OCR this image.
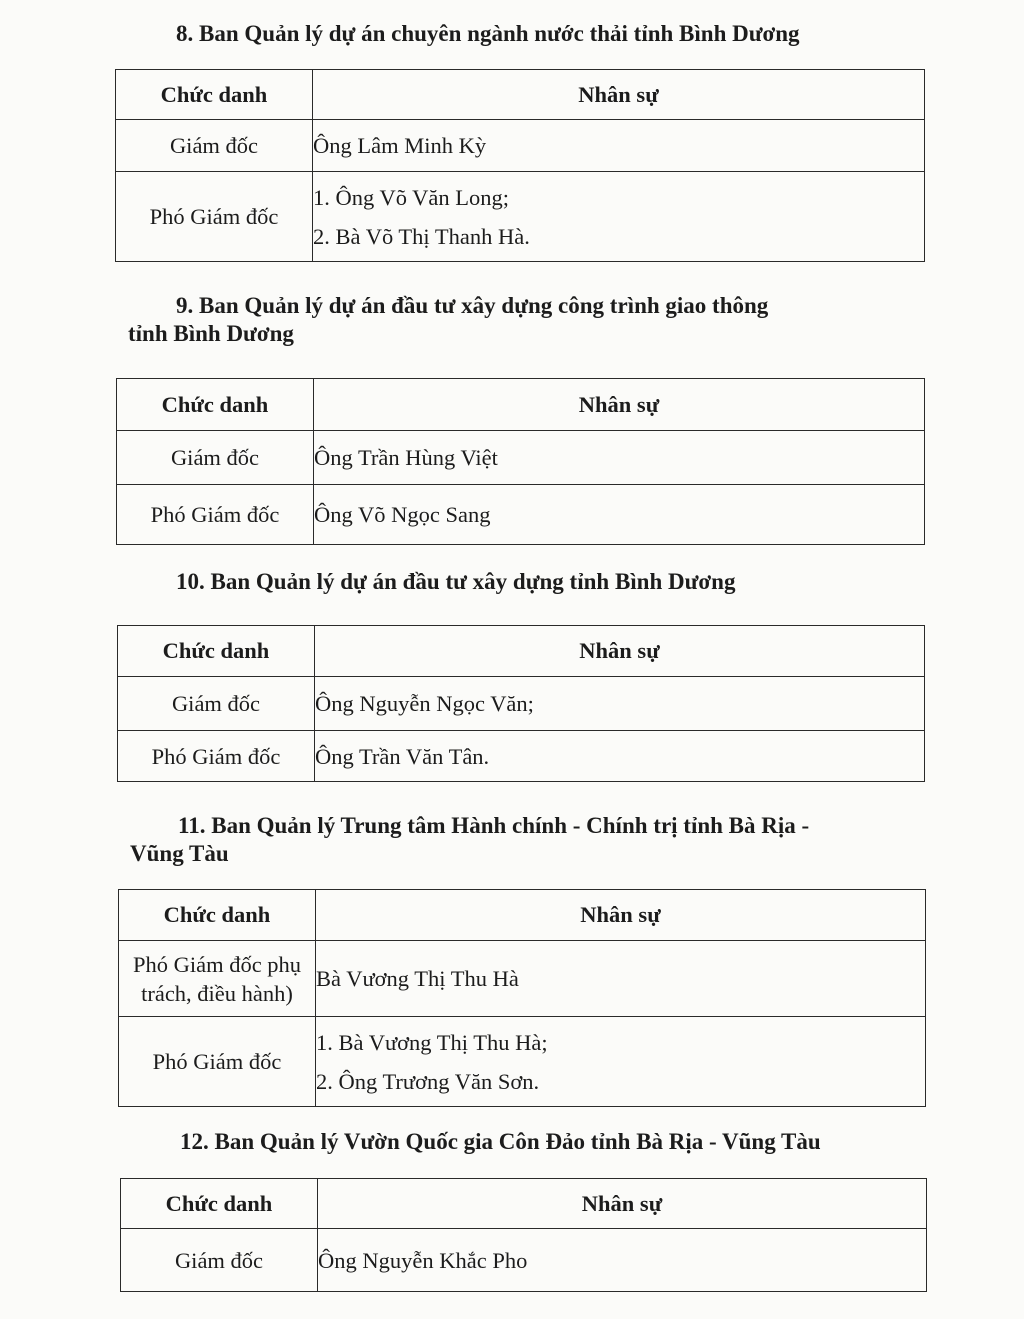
8. Ban Quản lý dự án chuyên ngành nước thải tỉnh Bình Dương

Chức danh	Nhân sự
Giám đốc	Ông Lâm Minh Kỳ
Phó Giám đốc	1. Ông Võ Văn Long;
2. Bà Võ Thị Thanh Hà.

9. Ban Quản lý dự án đầu tư xây dựng công trình giao thông

tỉnh Bình Dương

Chức danh	Nhân sự
Giám đốc	Ông Trần Hùng Việt
Phó Giám đốc	Ông Võ Ngọc Sang

10. Ban Quản lý dự án đầu tư xây dựng tỉnh Bình Dương

Chức danh	Nhân sự
Giám đốc	Ông Nguyễn Ngọc Văn;
Phó Giám đốc	Ông Trần Văn Tân.

11. Ban Quản lý Trung tâm Hành chính - Chính trị tỉnh Bà Rịa -

Vũng Tàu

Chức danh	Nhân sự

Phó Giám đốc phụ
trách, điều hành)	Bà Vương Thị Thu Hà
Phó Giám đốc	1. Bà Vương Thị Thu Hà;
2. Ông Trương Văn Sơn.

12. Ban Quản lý Vườn Quốc gia Côn Đảo tỉnh Bà Rịa - Vũng Tàu

Chức danh	Nhân sự
Giám đốc	Ông Nguyễn Khắc Pho
